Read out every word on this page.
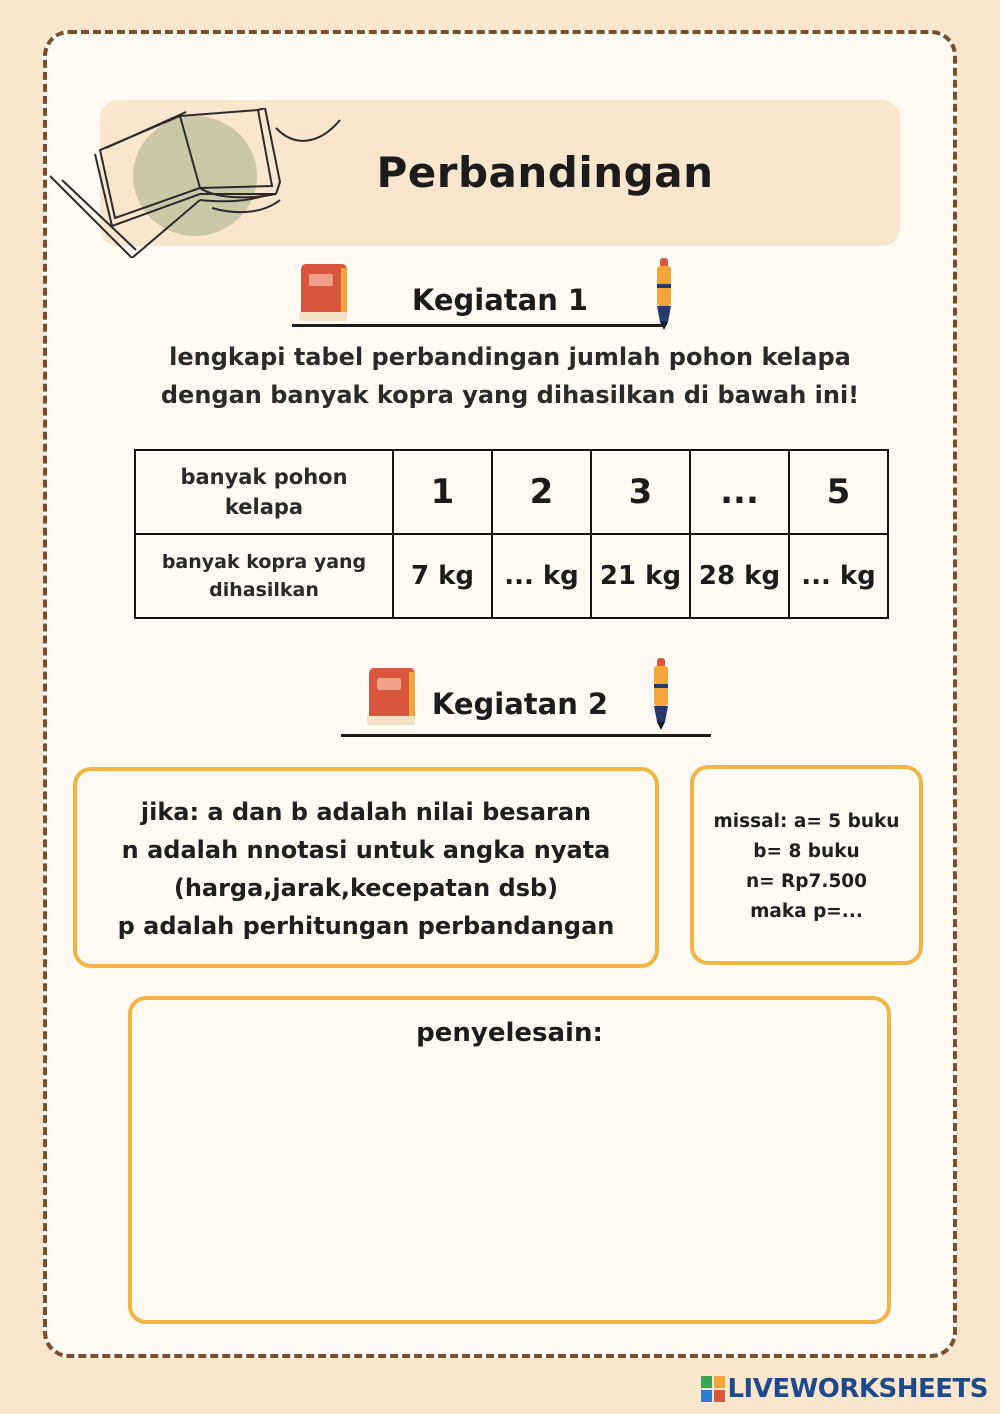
Perbandingan
Kegiatan 1
lengkapi tabel perbandingan jumlah pohon kelapa
dengan banyak kopra yang dihasilkan di bawah ini!
banyak pohon
kelapa	1	2	3	...	5

banyak kopra yang
dihasilkan	7 kg	... kg	21 kg	28 kg	... kg
Kegiatan 2
jika: a dan b adalah nilai besaran
n adalah nnotasi untuk angka nyata
(harga,jarak,kecepatan dsb)
p adalah perhitungan perbandangan
missal: a= 5 buku
b= 8 buku
n= Rp7.500
maka p=...
penyelesain:
LIVEWORKSHEETS
